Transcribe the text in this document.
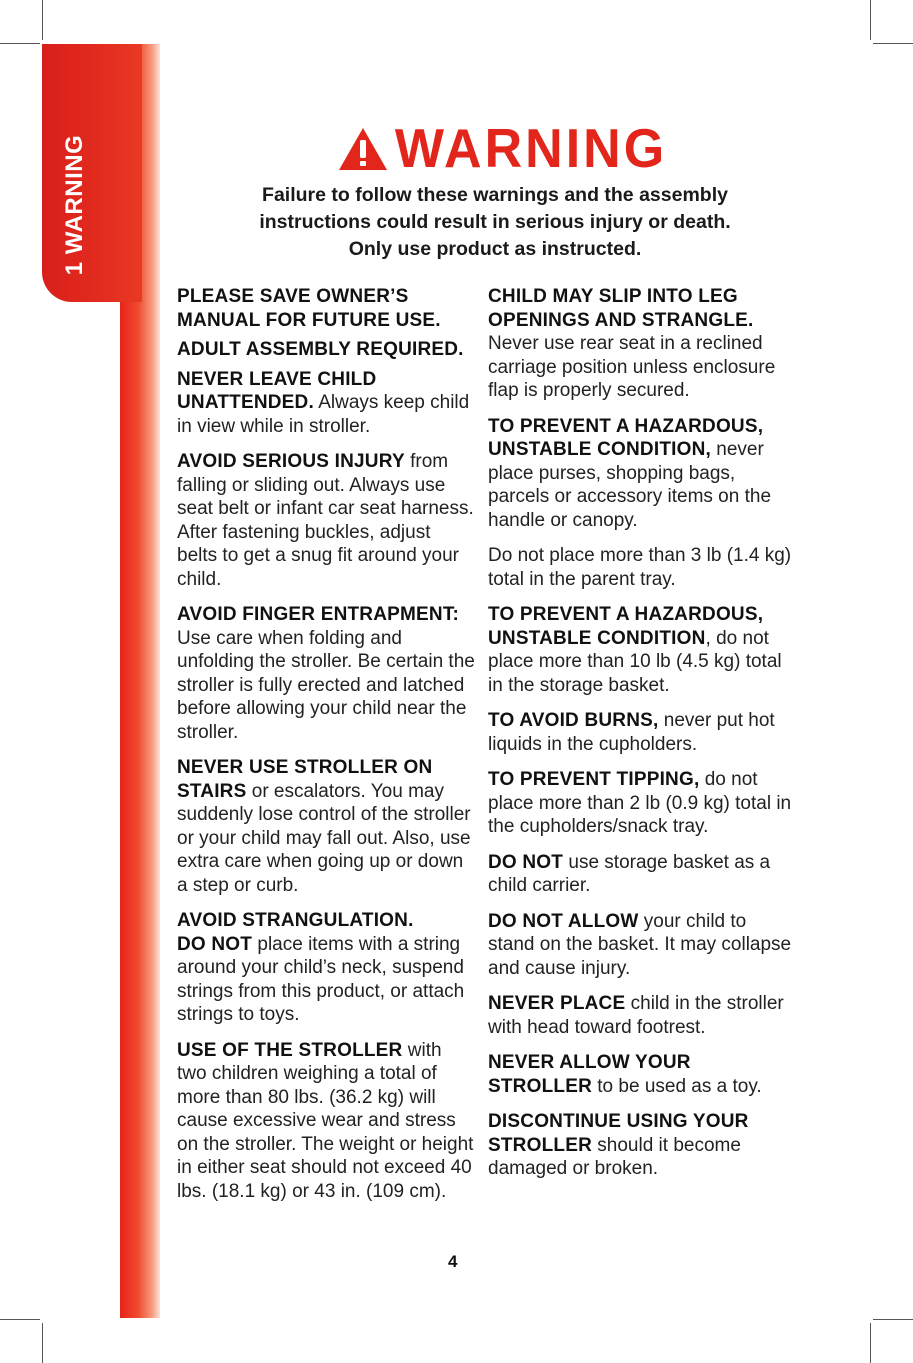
1 WARNING	WARNING
Failure to follow these warnings and the assembly
instructions could result in serious injury or death.
Only use product as instructed.

PLEASE SAVE OWNER’S MANUAL FOR FUTURE USE.

ADULT ASSEMBLY REQUIRED.

NEVER LEAVE CHILD UNATTENDED. Always keep child in view while in stroller.

AVOID SERIOUS INJURY from falling or sliding out. Always use seat belt or infant car seat harness. After fastening buckles, adjust belts to get a snug fit around your child.

AVOID FINGER ENTRAPMENT: Use care when folding and unfolding the stroller. Be certain the stroller is fully erected and latched before allowing your child near the stroller.

NEVER USE STROLLER ON STAIRS or escalators. You may suddenly lose control of the stroller or your child may fall out. Also, use extra care when going up or down a step or curb.

AVOID STRANGULATION.
DO NOT place items with a string around your child’s neck, suspend strings from this product, or attach strings to toys.

USE OF THE STROLLER with two children weighing a total of more than 80 lbs. (36.2 kg) will cause excessive wear and stress on the stroller. The weight or height in either seat should not exceed 40 lbs. (18.1 kg) or 43 in. (109 cm).

CHILD MAY SLIP INTO LEG OPENINGS AND STRANGLE. Never use rear seat in a reclined carriage position unless enclosure flap is properly secured.

TO PREVENT A HAZARDOUS, UNSTABLE CONDITION, never place purses, shopping bags, parcels or accessory items on the handle or canopy.

Do not place more than 3 lb (1.4 kg) total in the parent tray.

TO PREVENT A HAZARDOUS, UNSTABLE CONDITION, do not place more than 10 lb (4.5 kg) total in the storage basket.

TO AVOID BURNS, never put hot liquids in the cupholders.

TO PREVENT TIPPING, do not place more than 2 lb (0.9 kg) total in the cupholders/snack tray.

DO NOT use storage basket as a child carrier.

DO NOT ALLOW your child to stand on the basket. It may collapse and cause injury.

NEVER PLACE child in the stroller with head toward footrest.

NEVER ALLOW YOUR STROLLER to be used as a toy.

DISCONTINUE USING YOUR STROLLER should it become damaged or broken.

4
